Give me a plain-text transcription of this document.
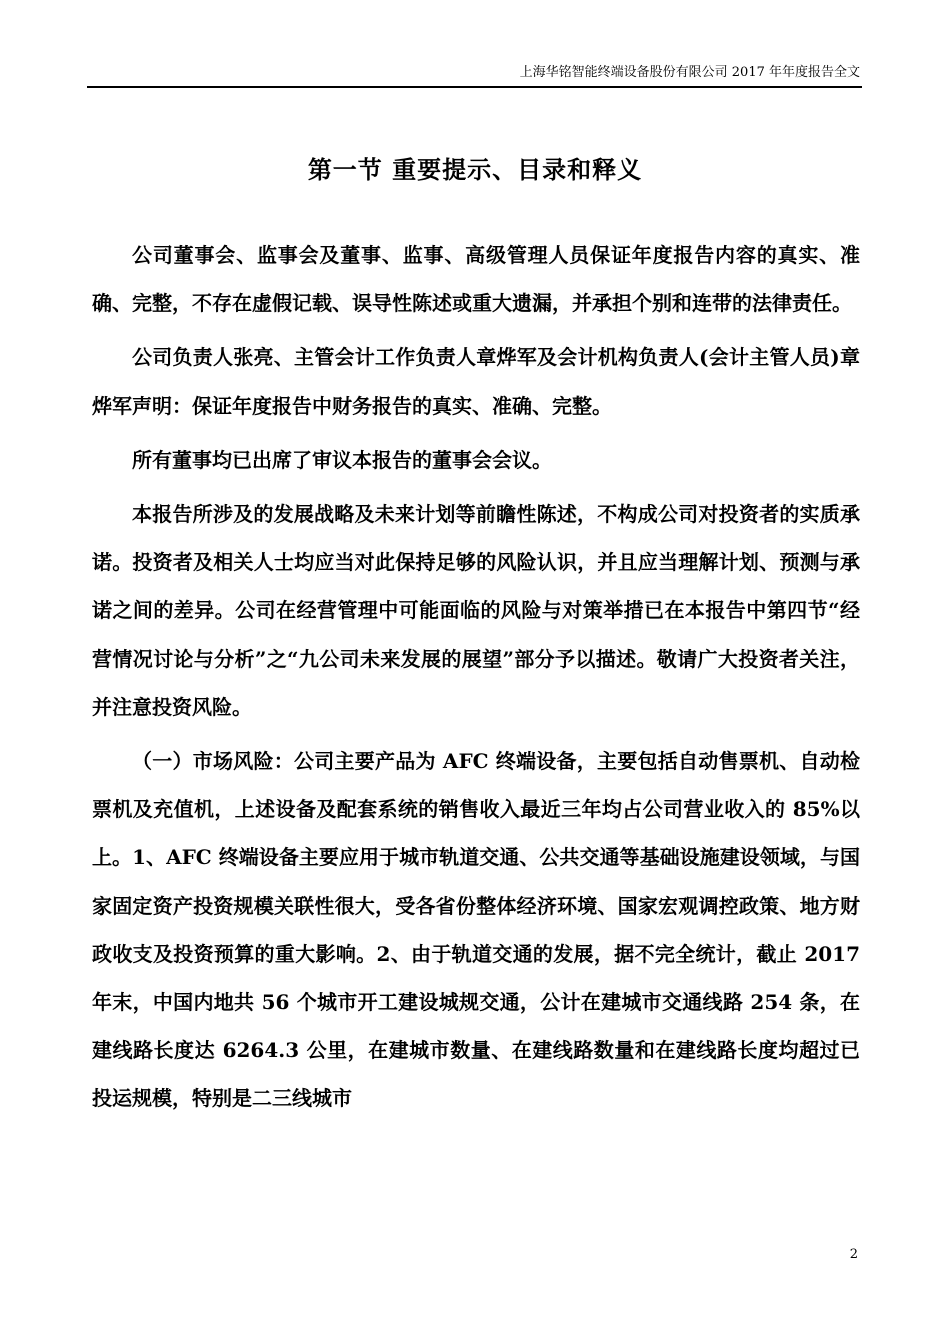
上海华铭智能终端设备股份有限公司 2017 年年度报告全文
第一节 重要提示、目录和释义

公司董事会、监事会及董事、监事、高级管理人员保证年度报告内容的真实、准确、完整，不存在虚假记载、误导性陈述或重大遗漏，并承担个别和连带的法律责任。

公司负责人张亮、主管会计工作负责人章烨军及会计机构负责人(会计主管人员)章烨军声明：保证年度报告中财务报告的真实、准确、完整。

所有董事均已出席了审议本报告的董事会会议。

本报告所涉及的发展战略及未来计划等前瞻性陈述，不构成公司对投资者的实质承诺。投资者及相关人士均应当对此保持足够的风险认识，并且应当理解计划、预测与承诺之间的差异。公司在经营管理中可能面临的风险与对策举措已在本报告中第四节“经营情况讨论与分析”之“九公司未来发展的展望”部分予以描述。敬请广大投资者关注，并注意投资风险。

（一）市场风险：公司主要产品为 AFC 终端设备，主要包括自动售票机、自动检票机及充值机，上述设备及配套系统的销售收入最近三年均占公司营业收入的 85%以上。1、AFC 终端设备主要应用于城市轨道交通、公共交通等基础设施建设领域，与国家固定资产投资规模关联性很大，受各省份整体经济环境、国家宏观调控政策、地方财政收支及投资预算的重大影响。2、由于轨道交通的发展，据不完全统计，截止 2017 年末，中国内地共 56 个城市开工建设城规交通，公计在建城市交通线路 254 条，在建线路长度达 6264.3 公里，在建城市数量、在建线路数量和在建线路长度均超过已投运规模，特别是二三线城市

2
